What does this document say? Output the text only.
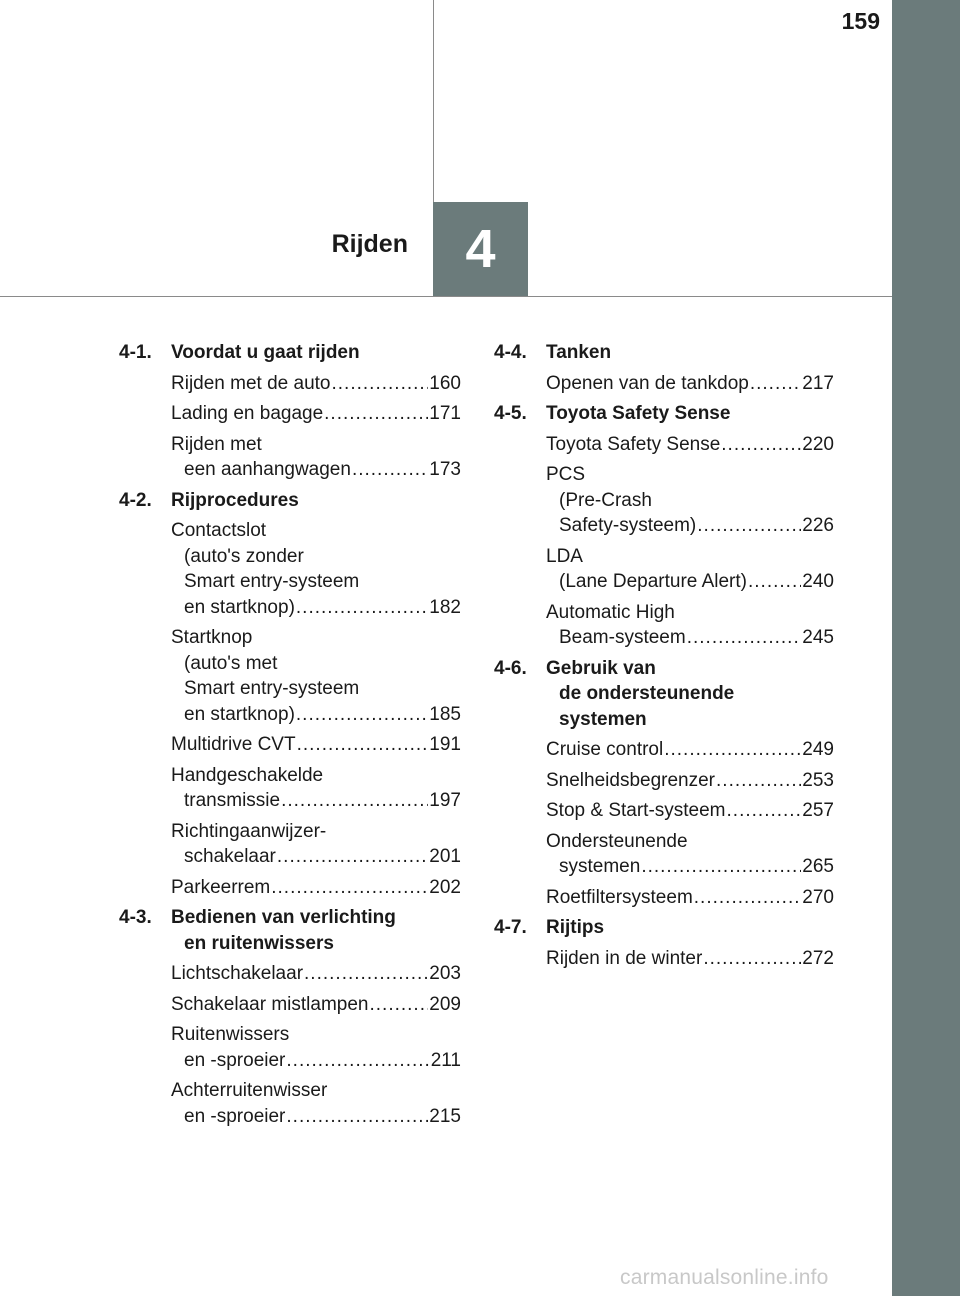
159
4
Rijden
4-1.	Voordat u gaat rijden
Rijden met de auto .....	160
Lading en bagage .....	171
Rijden met
een aanhangwagen .....	173
4-2.	Rijprocedures
Contactslot
(auto's zonder
Smart entry-systeem
en startknop) .....	182
Startknop
(auto's met
Smart entry-systeem
en startknop) .....	185
Multidrive CVT .....	191
Handgeschakelde
transmissie .....	197
Richtingaanwijzer-
schakelaar .....	201
Parkeerrem .....	202
4-3.	Bedienen van verlichting
en ruitenwissers
Lichtschakelaar .....	203
Schakelaar mistlampen .....	209
Ruitenwissers
en -sproeier .....	211
Achterruitenwisser
en -sproeier .....	215
4-4.	Tanken
Openen van de tankdop .....	217
4-5.	Toyota Safety Sense
Toyota Safety Sense .....	220
PCS
(Pre-Crash
Safety-systeem) .....	226
LDA
(Lane Departure Alert) .....	240
Automatic High
Beam-systeem .....	245
4-6.	Gebruik van
de ondersteunende
systemen
Cruise control .....	249
Snelheidsbegrenzer .....	253
Stop & Start-systeem .....	257
Ondersteunende
systemen .....	265
Roetfiltersysteem .....	270
4-7.	Rijtips
Rijden in de winter .....	272
carmanualsonline.info
